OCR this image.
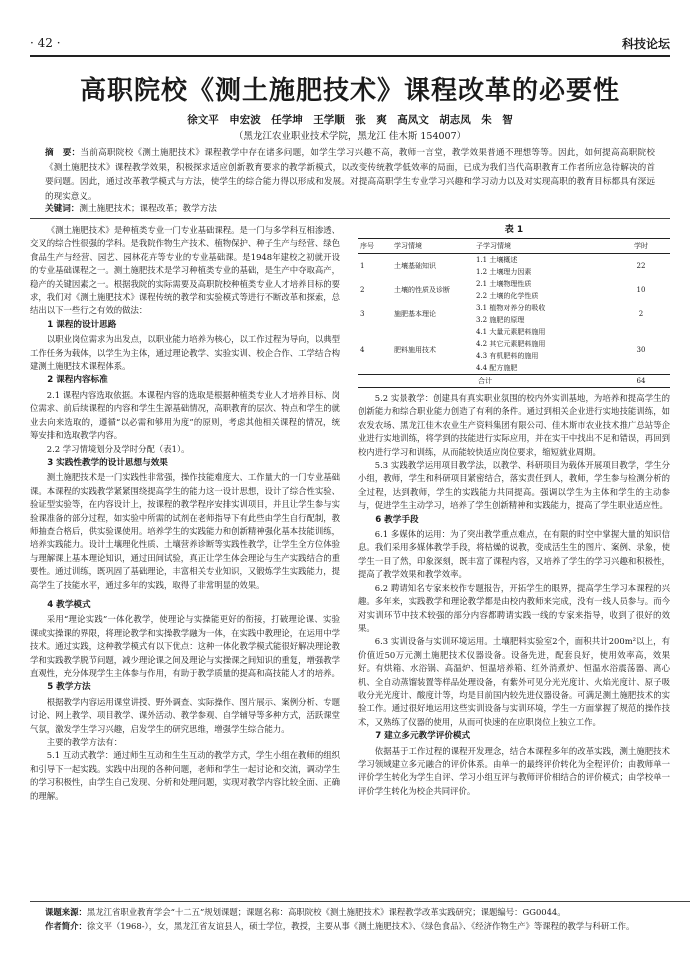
· 42 ·	科技论坛
高职院校《测土施肥技术》课程改革的必要性
徐文平　申宏波　任学坤　王学顺　张　爽　高凤文　胡志凤　朱　智
（黑龙江农业职业技术学院，黑龙江 佳木斯 154007）
摘　要：当前高职院校《测土施肥技术》课程教学中存在诸多问题，如学生学习兴趣不高，教师一言堂，教学效果普通不理想等等。因此，如何提高高职院校《测土施肥技术》课程教学效果，积极探求适应创新教育要求的教学新模式，以改变传统教学低效率的局面，已成为我们当代高职教育工作者所应急待解决的首要问题。因此，通过改革教学模式与方法，使学生的综合能力得以形成和发展。对提高高职学生专业学习兴趣和学习动力以及对实现高职的教育目标都具有深远的现实意义。
关键词：测土施肥技术；课程改革；教学方法

《测土施肥技术》是种植类专业一门专业基础课程。是一门与多学科互相渗透、交叉的综合性很强的学科。是我院作物生产技术、植物保护、种子生产与经营、绿色食品生产与经营、园艺、园林花卉等专业的专业基础课。是1948年建校之初就开设的专业基础课程之一。测土施肥技术是学习种植类专业的基础，是生产中夺取高产，稳产的关键因素之一。根据我院的实际需要及高职院校种植类专业人才培养目标的要求，我们对《测土施肥技术》课程传统的教学和实验模式等进行不断改革和探索，总结出以下一些行之有效的做法：

1 课程的设计思路

以职业岗位需求为出发点，以职业能力培养为核心，以工作过程为导向，以典型工作任务为载体，以学生为主体，通过理论教学、实验实训、校企合作、工学结合构建测土施肥技术课程体系。

2 课程内容标准

2.1 课程内容选取依据。本课程内容的选取是根据种植类专业人才培养目标、岗位需求、前后续课程的内容和学生生源基础情况，高职教育的层次、特点和学生的就业去向来选取的，遵循“以必需和够用为度”的原则，考虑其他相关课程的情况，统筹安排和选取教学内容。

2.2 学习情境划分及学时分配（表1）。

3 实践性教学的设计思想与效果

测土施肥技术是一门实践性非常强，操作技能难度大、工作量大的一门专业基础课。本课程的实践教学紧紧围绕提高学生的能力这一设计思想，设计了综合性实验、验证型实验等，在内容设计上，按课程的教学程序安排实训项目，并且让学生参与实验课准备的部分过程，如实验中所需的试剂在老师指导下有此些由学生自行配制，教师抽查合格后，供实验课使用。培养学生的实践能力和创新精神强化基本技能训练，培养实践能力。设计土壤理化性质、土壤营养诊断等实践性教学，让学生全方位体验与理解课上基本理论知识，通过田间试验，真正让学生体会理论与生产实践结合的重要性。通过训练，既巩固了基础理论，丰富相关专业知识，又锻炼学生实践能力，提高学生了技能水平，通过多年的实践，取得了非常明显的效果。

4 教学模式

采用“理论实践”一体化教学，使理论与实操能更好的衔接，打破理论课、实验课或实操课的界限，将理论教学和实操教学融为一体，在实践中教理论，在运用中学技术。通过实践，这种教学模式有以下优点：这种一体化教学模式能很好解决理论教学和实践教学脱节问题，减少理论课之间及理论与实操课之间知识的重复，增强教学直观性，充分体现学生主体参与作用，有助于教学质量的提高和高技能人才的培养。

5 教学方法

根据教学内容运用课堂讲授、野外调查、实际操作、图片展示、案例分析、专题讨论、网上教学、项目教学、课外活动、教学参观、自学辅导等多种方式，活跃课堂气氛，激发学生学习兴趣，启发学生的研究思维，增强学生综合能力。

主要的教学方法有：

5.1 互动式教学：通过师生互动和生生互动的教学方式，学生小组在教师的组织和引导下一起实践。实践中出现的各种问题，老师和学生一起讨论和交流，调动学生的学习积极性，由学生自己发现、分析和处理问题，实现对教学内容比较全面、正确的理解。

表 1
序号	学习情境	子学习情境	学时
1	土壤基础知识	1.1 土壤概述	22
		1.2 土壤理力因素	
2	土壤的性质及诊断	2.1 土壤物理性质	10
		2.2 土壤的化学性质	
3	施肥基本理论	3.1 植物对养分的吸收	2
		3.2 施肥的原理	
4	肥料施用技术	4.1 大量元素肥料施用	30
		4.2 其它元素肥料施用	
		4.3 有机肥料的施用	
		4.4 配方施肥	
合计			64

5.2 实景教学：创建具有真实职业氛围的校内外实训基地，为培养和提高学生的创新能力和综合职业能力创造了有利的条件。通过到相关企业进行实地技能训练，如农发农场、黑龙江佳木农业生产资料集团有限公司、佳木斯市农业技术推广总站等企业进行实地训练，将学到的技能进行实际应用，并在实干中找出不足和错误，再回到校内进行学习和训练，从而能较快适应岗位要求，缩短就业周期。

5.3 实践教学运用项目教学法，以教学、科研项目为载体开展项目教学，学生分小组，教师，学生和科研项目紧密结合，落实责任到人，教师，学生参与检测分析的全过程，达到教师，学生的实践能力共同提高。强调以学生为主体和学生的主动参与，促进学生主动学习，培养了学生创新精神和实践能力，提高了学生职业适应性。

6 教学手段

6.1 多媒体的运用：为了突出教学重点难点，在有限的时空中掌握大量的知识信息。我们采用多媒体教学手段，将枯燥的说教，变成活生生的图片、案例、录象，使学生一目了然，印象深刻，既丰富了课程内容，又培养了学生的学习兴趣和积极性，提高了教学效果和教学效率。

6.2 聘请知名专家来校作专题报告，开拓学生的眼界，提高学生学习本课程的兴趣。多年来，实践教学和理论教学都是由校内教师来完成，没有一线人员参与。而今对实训环节中技术较强的部分内容都聘请实践一线的专家来指导，收到了很好的效果。

6.3 实训设备与实训环境运用。土壤肥料实验室2个，面积共计200m²以上，有价值近50万元测土施肥技术仪器设备。设备先进，配套良好，使用效率高，效果好。有烘箱、水浴锅、高温炉、恒温培养箱、红外消煮炉、恒温水浴震荡器、离心机、全自动蒸馏装置等样品处理设备，有紫外可见分光光度计、火焰光度计、原子吸收分光光度计、酸度计等，均是目前国内较先进仪器设备。可满足测土施肥技术的实验工作。通过很好地运用这些实训设备与实训环境，学生一方面掌握了规范的操作技术，又熟练了仪器的使用，从而可快速的在应职岗位上独立工作。

7 建立多元教学评价模式

依据基于工作过程的课程开发理念，结合本课程多年的改革实践，测土施肥技术学习领域建立多元融合的评价体系。由单一的最终评价转化为全程评价；由教师单一评价学生转化为学生自评、学习小组互评与教师评价相结合的评价模式；由学校单一评价学生转化为校企共同评价。

课题来源：黑龙江省职业教育学会“十二五”规划课题；课题名称：高职院校《测土施肥技术》课程教学改革实践研究；课题编号：GG0044。
作者简介：徐文平（1968-），女，黑龙江省友谊县人，硕士学位，教授，主要从事《测土施肥技术》、《绿色食品》、《经济作物生产》等课程的教学与科研工作。
